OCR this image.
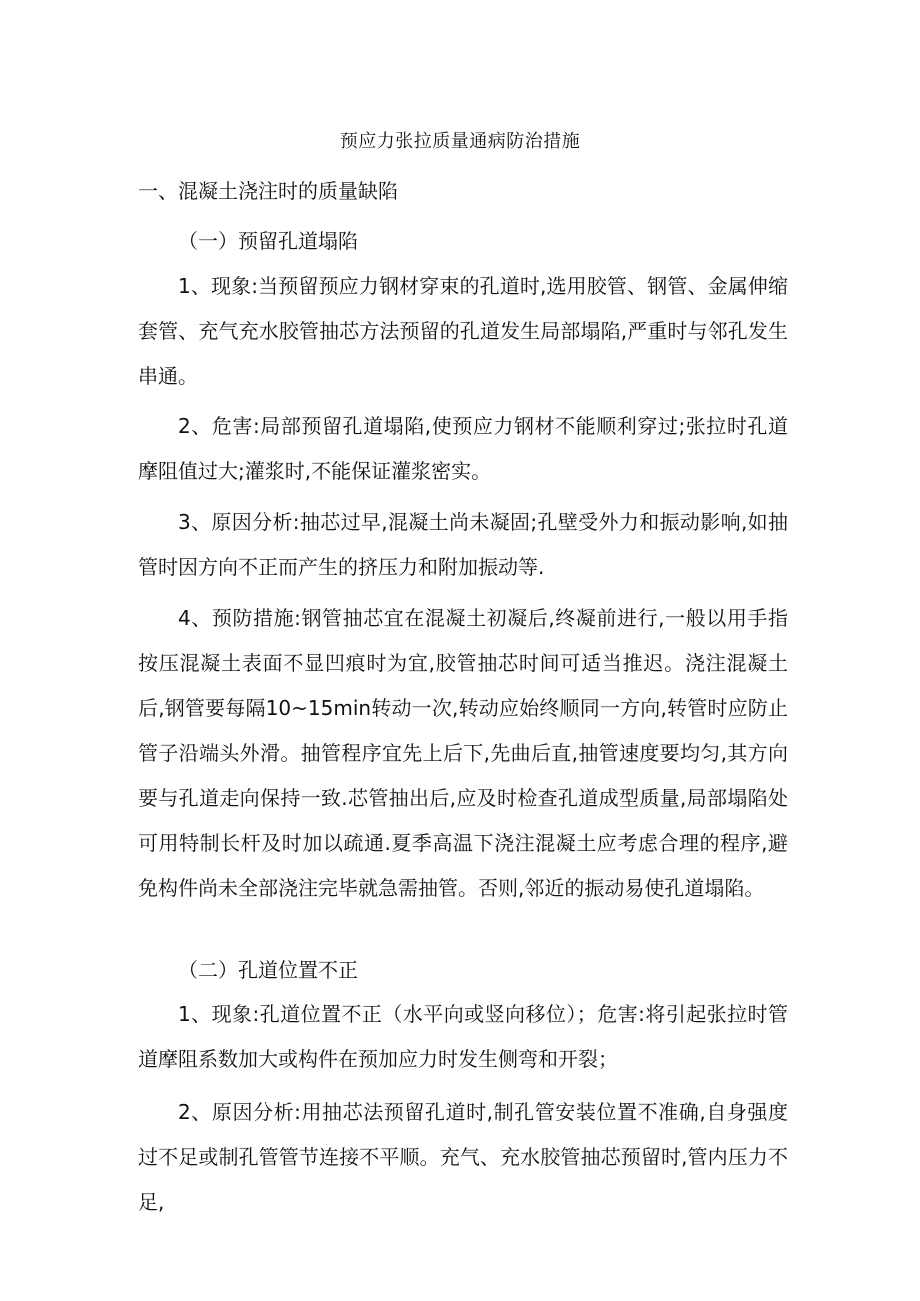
预应力张拉质量通病防治措施
一、混凝土浇注时的质量缺陷
（一）预留孔道塌陷
1、现象:当预留预应力钢材穿束的孔道时,选用胶管、钢管、金属伸缩套管、充气充水胶管抽芯方法预留的孔道发生局部塌陷,严重时与邻孔发生串通。
2、危害:局部预留孔道塌陷,使预应力钢材不能顺利穿过;张拉时孔道摩阻值过大;灌浆时,不能保证灌浆密实。
3、原因分析:抽芯过早,混凝土尚未凝固;孔壁受外力和振动影响,如抽管时因方向不正而产生的挤压力和附加振动等.
4、预防措施:钢管抽芯宜在混凝土初凝后,终凝前进行,一般以用手指按压混凝土表面不显凹痕时为宜,胶管抽芯时间可适当推迟。浇注混凝土后,钢管要每隔10~15min转动一次,转动应始终顺同一方向,转管时应防止管子沿端头外滑。抽管程序宜先上后下,先曲后直,抽管速度要均匀,其方向要与孔道走向保持一致.芯管抽出后,应及时检查孔道成型质量,局部塌陷处可用特制长杆及时加以疏通.夏季高温下浇注混凝土应考虑合理的程序,避免构件尚未全部浇注完毕就急需抽管。否则,邻近的振动易使孔道塌陷。
（二）孔道位置不正
1、现象:孔道位置不正（水平向或竖向移位）；危害:将引起张拉时管道摩阻系数加大或构件在预加应力时发生侧弯和开裂；
2、原因分析:用抽芯法预留孔道时,制孔管安装位置不准确,自身强度过不足或制孔管管节连接不平顺。充气、充水胶管抽芯预留时,管内压力不足,
